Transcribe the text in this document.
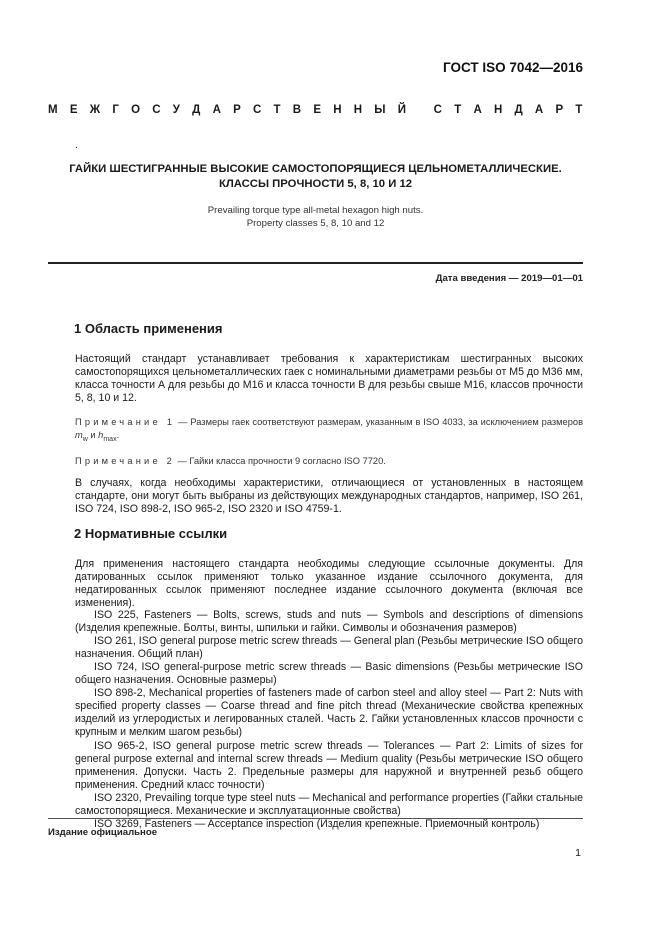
ГОСТ ISO 7042—2016
М Е Ж Г О С У Д А Р С Т В Е Н Н Ы Й
С Т А Н Д А Р Т
.
ГАЙКИ ШЕСТИГРАННЫЕ ВЫСОКИЕ САМОСТОПОРЯЩИЕСЯ ЦЕЛЬНОМЕТАЛЛИЧЕСКИЕ.
КЛАССЫ ПРОЧНОСТИ 5, 8, 10 И 12
Prevailing torque type all-metal hexagon high nuts.
Property classes 5, 8, 10 and 12
Дата введения — 2019—01—01
1 Область применения

Настоящий стандарт устанавливает требования к характеристикам шестигранных высоких самостопорящихся цельнометаллических гаек с номинальными диаметрами резьбы от М5 до М36 мм, класса точности А для резьбы до М16 и класса точности В для резьбы свыше М16, классов прочности 5, 8, 10 и 12.

Примечание 1 — Размеры гаек соответствуют размерам, указанным в ISO 4033, за исключением размеров $m_w$ и $h_{max}$.

Примечание 2 — Гайки класса прочности 9 согласно ISO 7720.

В случаях, когда необходимы характеристики, отличающиеся от установленных в настоящем стандарте, они могут быть выбраны из действующих международных стандартов, например, ISO 261, ISO 724, ISO 898-2, ISO 965-2, ISO 2320 и ISO 4759-1.

2 Нормативные ссылки

Для применения настоящего стандарта необходимы следующие ссылочные документы. Для датированных ссылок применяют только указанное издание ссылочного документа, для недатированных ссылок применяют последнее издание ссылочного документа (включая все изменения).

ISO 225, Fasteners — Bolts, screws, studs and nuts — Symbols and descriptions of dimensions (Изделия крепежные. Болты, винты, шпильки и гайки. Символы и обозначения размеров)

ISO 261, ISO general purpose metric screw threads — General plan (Резьбы метрические ISO общего назначения. Общий план)

ISO 724, ISO general-purpose metric screw threads — Basic dimensions (Резьбы метрические ISO общего назначения. Основные размеры)

ISO 898-2, Mechanical properties of fasteners made of carbon steel and alloy steel — Part 2: Nuts with specified property classes — Coarse thread and fine pitch thread (Механические свойства крепежных изделий из углеродистых и легированных сталей. Часть 2. Гайки установленных классов прочности с крупным и мелким шагом резьбы)

ISO 965-2, ISO general purpose metric screw threads — Tolerances — Part 2: Limits of sizes for general purpose external and internal screw threads — Medium quality (Резьбы метрические ISO общего применения. Допуски. Часть 2. Предельные размеры для наружной и внутренней резьб общего применения. Средний класс точности)

ISO 2320, Prevailing torque type steel nuts — Mechanical and performance properties (Гайки стальные самостопорящиеся. Механические и эксплуатационные свойства)

ISO 3269, Fasteners — Acceptance inspection (Изделия крепежные. Приемочный контроль)

Издание официальное
1
